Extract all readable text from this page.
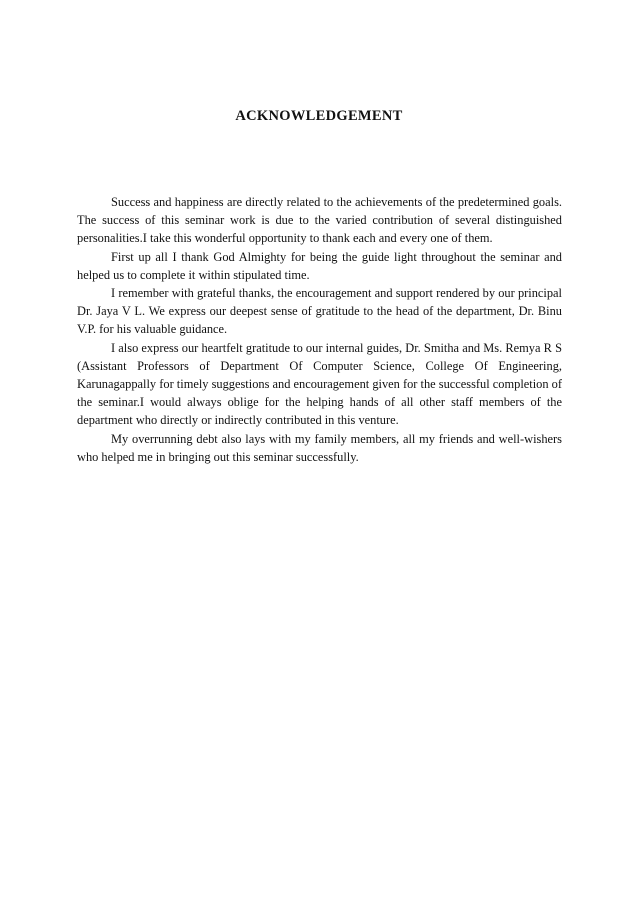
ACKNOWLEDGEMENT

Success and happiness are directly related to the achievements of the predetermined goals. The success of this seminar work is due to the varied contribution of several distinguished personalities.I take this wonderful opportunity to thank each and every one of them.

First up all I thank God Almighty for being the guide light throughout the seminar and helped us to complete it within stipulated time.

I remember with grateful thanks, the encouragement and support rendered by our principal Dr. Jaya V L. We express our deepest sense of gratitude to the head of the department, Dr. Binu V.P. for his valuable guidance.

I also express our heartfelt gratitude to our internal guides, Dr. Smitha and Ms. Remya R S (Assistant Professors of Department Of Computer Science, College Of Engineering, Karunagappally for timely suggestions and encouragement given for the successful completion of the seminar.I would always oblige for the helping hands of all other staff members of the department who directly or indirectly contributed in this venture.

My overrunning debt also lays with my family members, all my friends and well-wishers who helped me in bringing out this seminar successfully.
